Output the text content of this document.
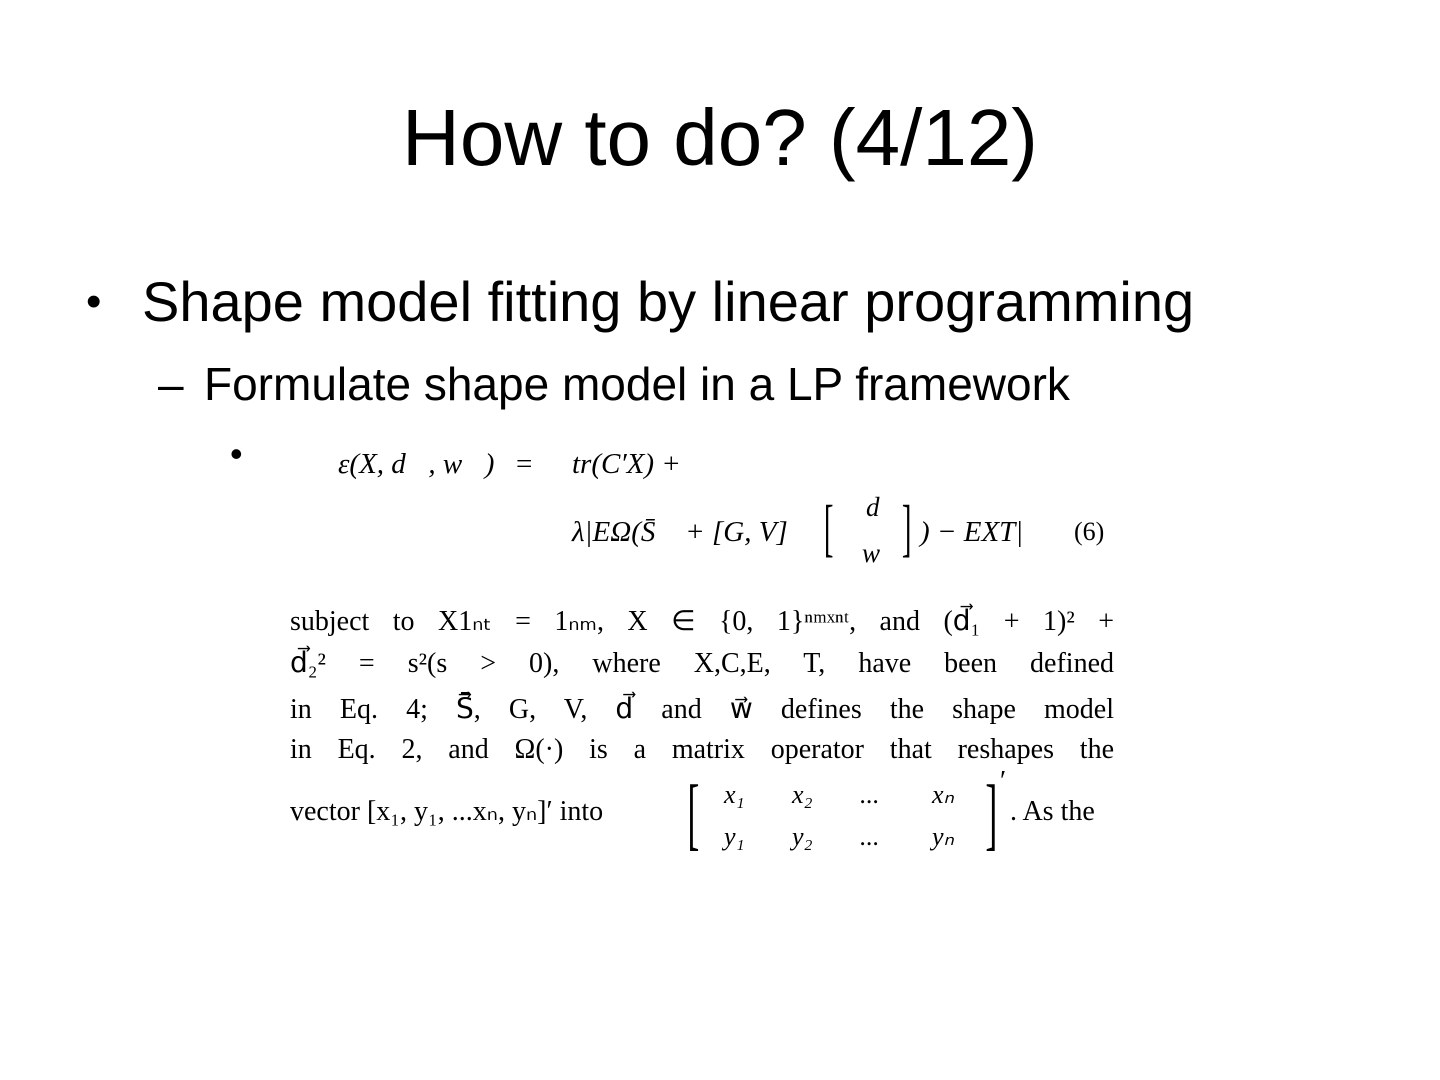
How to do? (4/12)
• Shape model fitting by linear programming
– Formulate shape model in a LP framework
•	ε(X, d⃗, w⃗) = tr(C′X) +
λ|EΩ(S̄⃗ + [G, V] [ d⃗
w⃗ ] ) − EXT| (6)
subject to X1ₙₜ = 1ₙₘ, X ∈ {0, 1}ⁿᵐˣⁿᵗ, and (d⃗₁ + 1)² +
d⃗₂² = s²(s > 0), where X,C,E, T, have been defined
in Eq. 4; S̄⃗, G, V, d⃗ and w⃗ defines the shape model
in Eq. 2, and Ω(·) is a matrix operator that reshapes the
vector [x₁, y₁, ...xₙ, yₙ]′ into [ x₁ x₂ ... xₙ
y₁ y₂ ... yₙ ] ′
. As the
